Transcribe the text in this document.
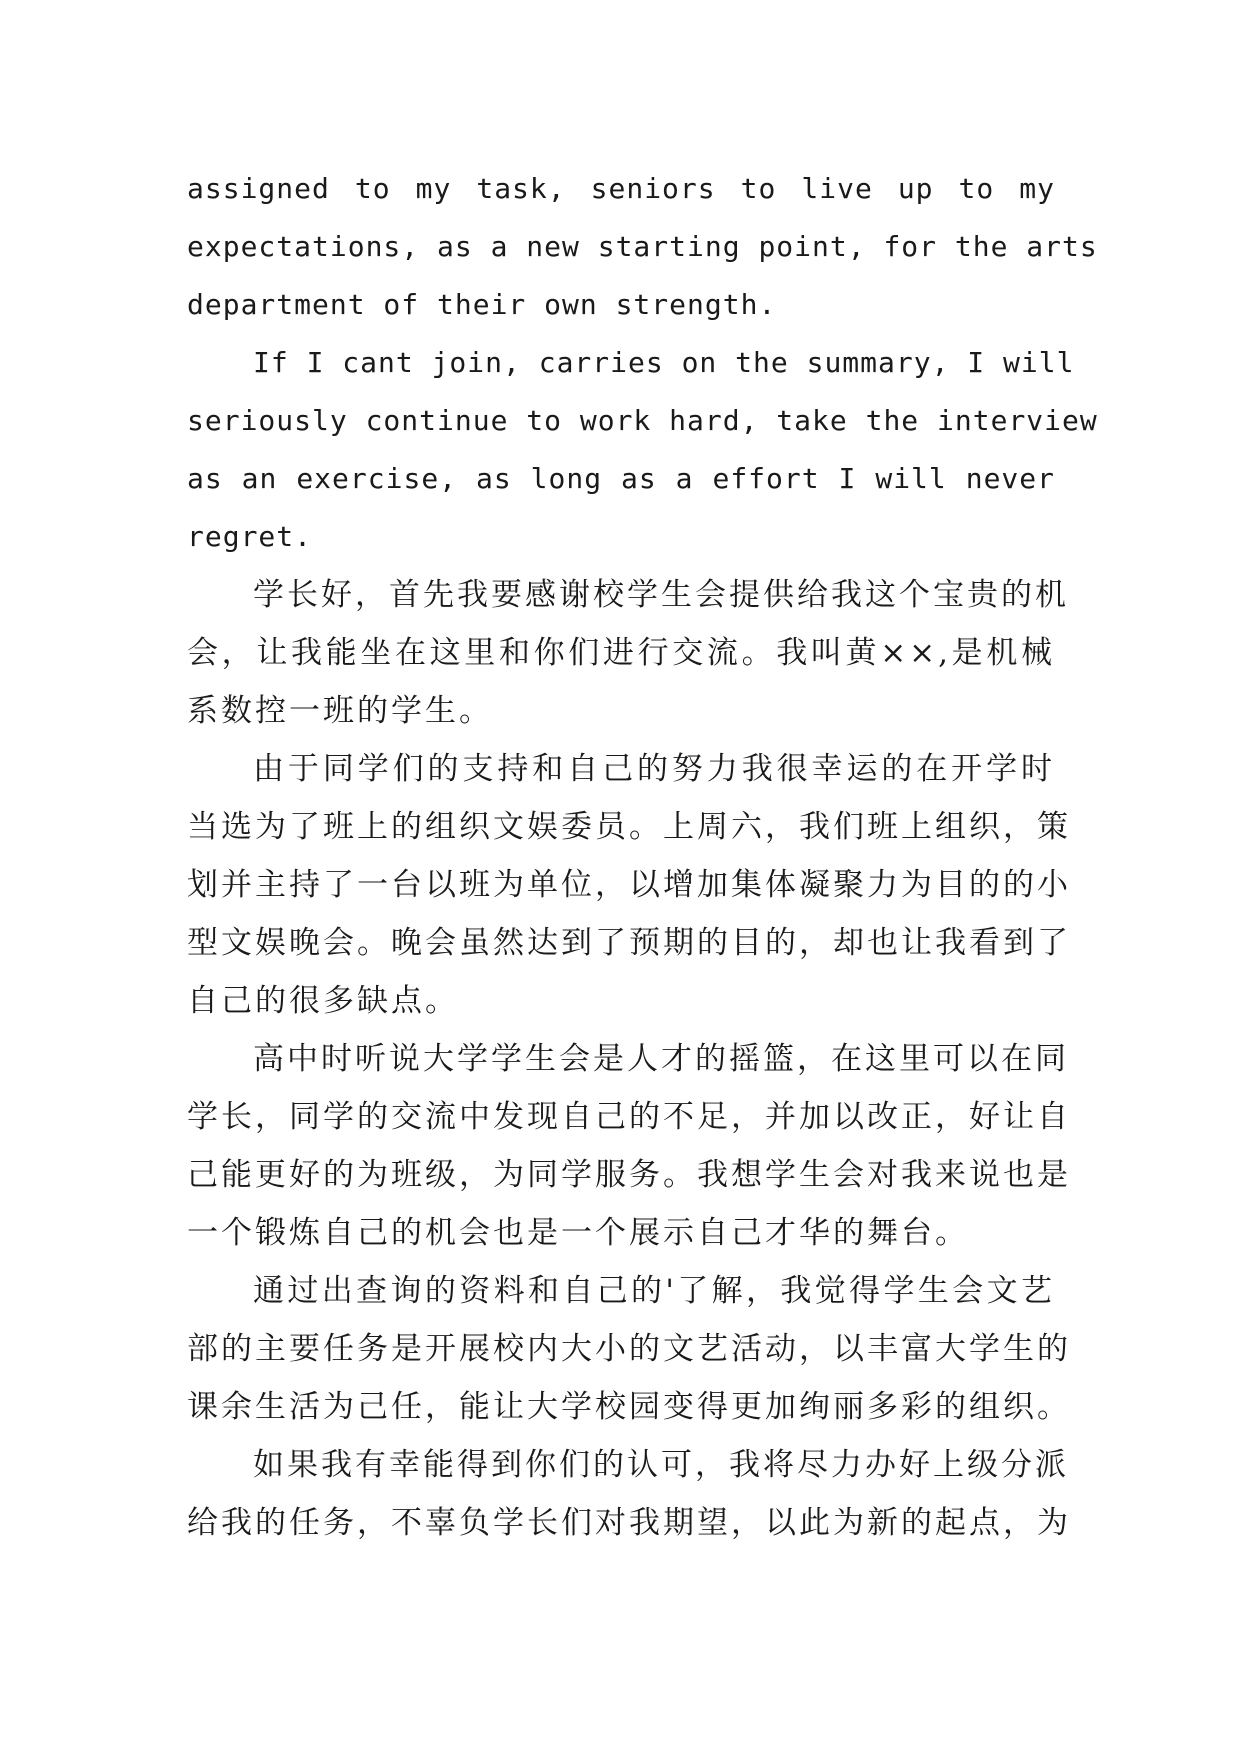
assigned to my task, seniors to live up to my
expectations, as a new starting point, for the arts
department of their own strength.
If I cant join, carries on the summary, I will
seriously continue to work hard, take the interview
as an exercise, as long as a effort I will never
regret.
学长好，首先我要感谢校学生会提供给我这个宝贵的机
会，让我能坐在这里和你们进行交流。我叫黄××,是机械
系数控一班的学生。
由于同学们的支持和自己的努力我很幸运的在开学时
当选为了班上的组织文娱委员。上周六，我们班上组织，策
划并主持了一台以班为单位，以增加集体凝聚力为目的的小
型文娱晚会。晚会虽然达到了预期的目的，却也让我看到了
自己的很多缺点。
高中时听说大学学生会是人才的摇篮，在这里可以在同
学长，同学的交流中发现自己的不足，并加以改正，好让自
己能更好的为班级，为同学服务。我想学生会对我来说也是
一个锻炼自己的机会也是一个展示自己才华的舞台。
通过出查询的资料和自己的'了解，我觉得学生会文艺
部的主要任务是开展校内大小的文艺活动，以丰富大学生的
课余生活为己任，能让大学校园变得更加绚丽多彩的组织。
如果我有幸能得到你们的认可，我将尽力办好上级分派
给我的任务，不辜负学长们对我期望，以此为新的起点，为
